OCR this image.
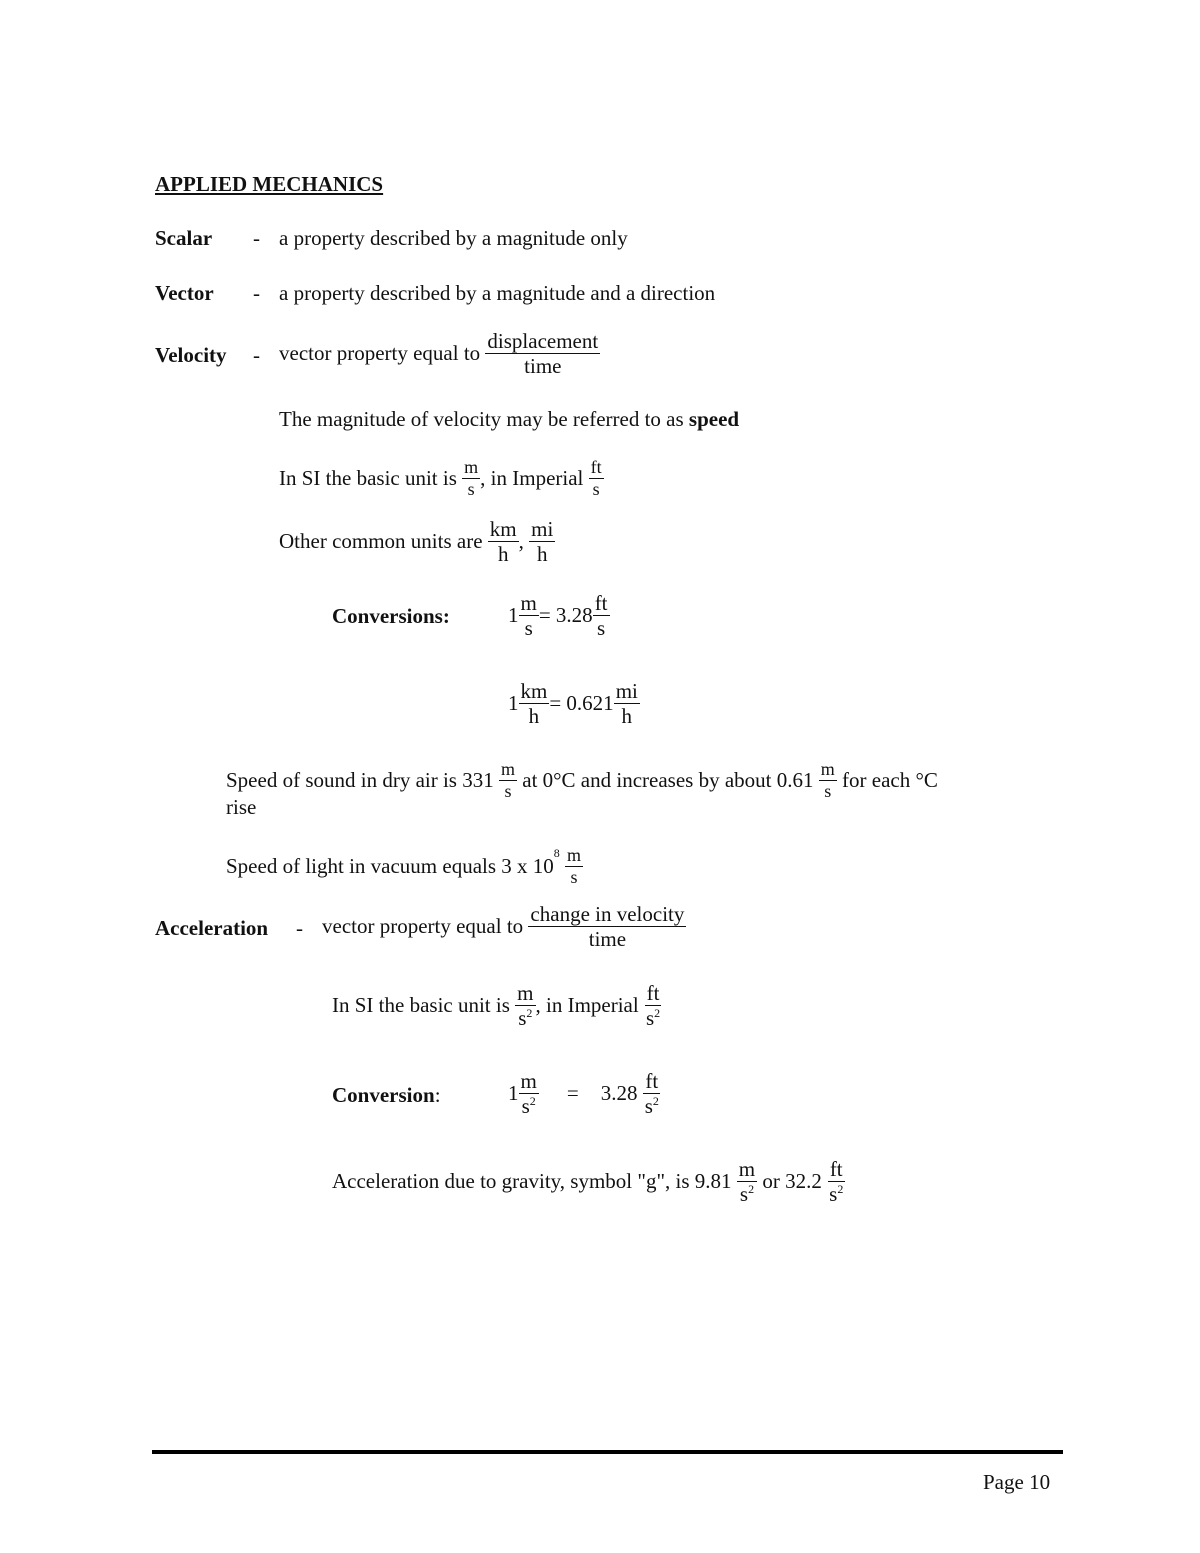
APPLIED MECHANICS
Scalar - a property described by a magnitude only
Vector - a property described by a magnitude and a direction
Velocity - vector property equal to $\frac{\text{displacement}}{\text{time}}$
The magnitude of velocity may be referred to as speed
In SI the basic unit is $\frac{m}{s}$ , in Imperial $\frac{ft}{s}$
Other common units are $\frac{km}{h}$ , $\frac{mi}{h}$
Conversions:	$1 \frac{m}{s} = 3.28 \frac{ft}{s}$
$1 \frac{km}{h} = 0.621 \frac{mi}{h}$
Speed of sound in dry air is $331 \frac{m}{s}$ at 0°C and increases by about $0.61 \frac{m}{s}$ for each °C
rise
Speed of light in vacuum equals 3 x $10^8 \frac{m}{s}$
Acceleration - vector property equal to $\frac{\text{change in velocity}}{\text{time}}$
In SI the basic unit is $\frac{m}{s^2}$ , in Imperial $\frac{ft}{s^2}$
Conversion:	$1 \frac{m}{s^2} = 3.28 \frac{ft}{s^2}$
Acceleration due to gravity, symbol "g", is $9.81 \frac{m}{s^2}$ or $32.2 \frac{ft}{s^2}$
Page 10
